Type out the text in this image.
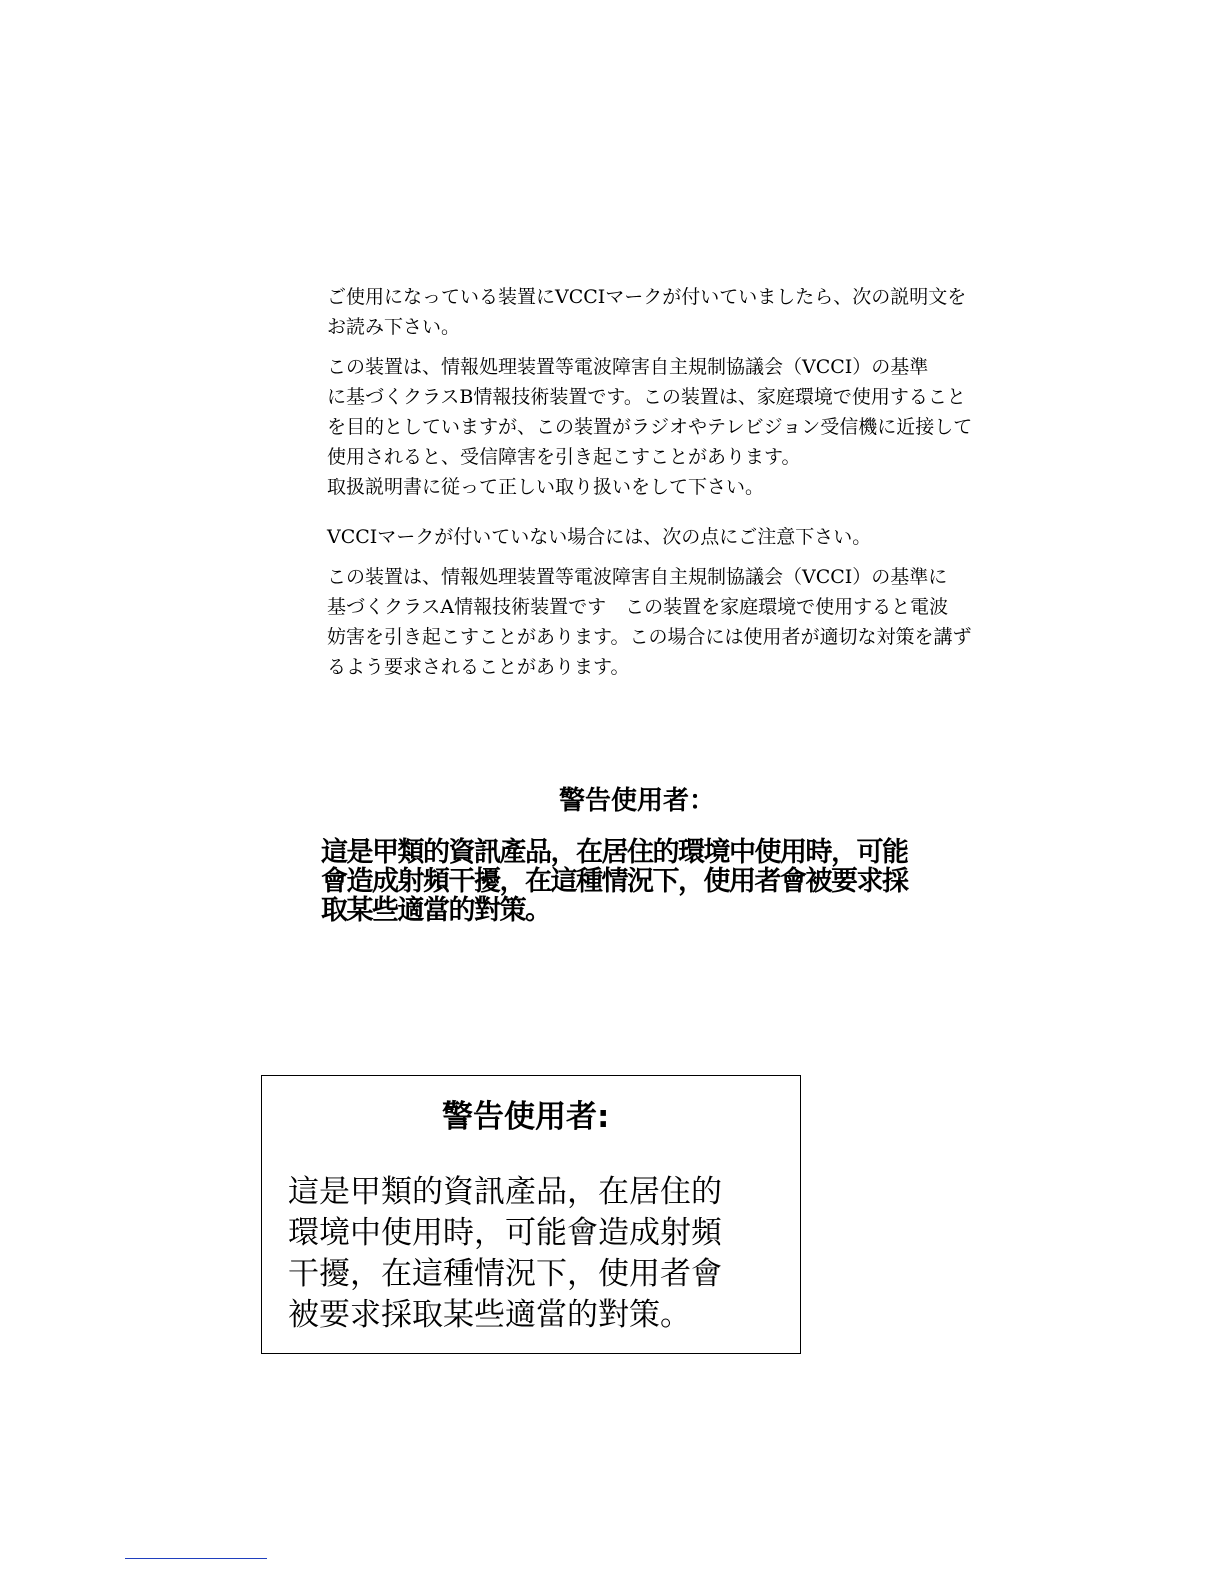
ご使用になっている装置にVCCIマークが付いていましたら、次の説明文を
お読み下さい。

この装置は、情報処理装置等電波障害自主規制協議会（VCCI）の基準
に基づくクラスB情報技術装置です。この装置は、家庭環境で使用すること
を目的としていますが、この装置がラジオやテレビジョン受信機に近接して
使用されると、受信障害を引き起こすことがあります。
取扱説明書に従って正しい取り扱いをして下さい。

VCCIマークが付いていない場合には、次の点にご注意下さい。

この装置は、情報処理装置等電波障害自主規制協議会（VCCI）の基準に
基づくクラスA情報技術装置です　この装置を家庭環境で使用すると電波
妨害を引き起こすことがあります。この場合には使用者が適切な対策を講ず
るよう要求されることがあります。

警告使用者：

這是甲類的資訊產品，在居住的環境中使用時，可能
會造成射頻干擾，在這種情況下，使用者會被要求採
取某些適當的對策。

警告使用者:

這是甲類的資訊產品，在居住的
環境中使用時，可能會造成射頻
干擾，在這種情況下，使用者會
被要求採取某些適當的對策。
